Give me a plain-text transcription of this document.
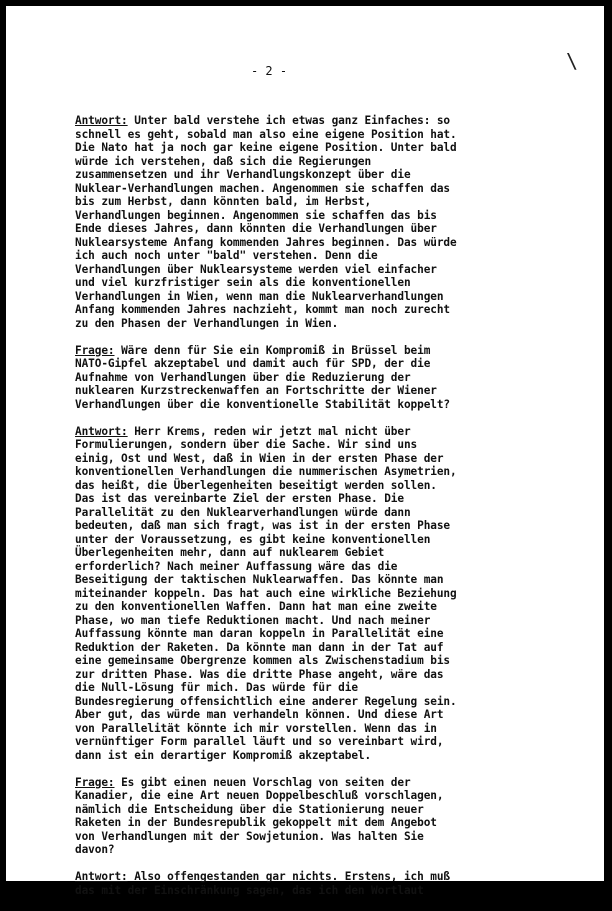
- 2 -	\

Antwort: Unter bald verstehe ich etwas ganz Einfaches: so
schnell es geht, sobald man also eine eigene Position hat.
Die Nato hat ja noch gar keine eigene Position. Unter bald
würde ich verstehen, daß sich die Regierungen
zusammensetzen und ihr Verhandlungskonzept über die
Nuklear-Verhandlungen machen. Angenommen sie schaffen das
bis zum Herbst, dann könnten bald, im Herbst,
Verhandlungen beginnen. Angenommen sie schaffen das bis
Ende dieses Jahres, dann könnten die Verhandlungen über
Nuklearsysteme Anfang kommenden Jahres beginnen. Das würde
ich auch noch unter "bald" verstehen. Denn die
Verhandlungen über Nuklearsysteme werden viel einfacher
und viel kurzfristiger sein als die konventionellen
Verhandlungen in Wien, wenn man die Nuklearverhandlungen
Anfang kommenden Jahres nachzieht, kommt man noch zurecht
zu den Phasen der Verhandlungen in Wien.

Frage: Wäre denn für Sie ein Kompromiß in Brüssel beim
NATO-Gipfel akzeptabel und damit auch für SPD, der die
Aufnahme von Verhandlungen über die Reduzierung der
nuklearen Kurzstreckenwaffen an Fortschritte der Wiener
Verhandlungen über die konventionelle Stabilität koppelt?

Antwort: Herr Krems, reden wir jetzt mal nicht über
Formulierungen, sondern über die Sache. Wir sind uns
einig, Ost und West, daß in Wien in der ersten Phase der
konventionellen Verhandlungen die nummerischen Asymetrien,
das heißt, die Überlegenheiten beseitigt werden sollen.
Das ist das vereinbarte Ziel der ersten Phase. Die
Parallelität zu den Nuklearverhandlungen würde dann
bedeuten, daß man sich fragt, was ist in der ersten Phase
unter der Voraussetzung, es gibt keine konventionellen
Überlegenheiten mehr, dann auf nuklearem Gebiet
erforderlich? Nach meiner Auffassung wäre das die
Beseitigung der taktischen Nuklearwaffen. Das könnte man
miteinander koppeln. Das hat auch eine wirkliche Beziehung
zu den konventionellen Waffen. Dann hat man eine zweite
Phase, wo man tiefe Reduktionen macht. Und nach meiner
Auffassung könnte man daran koppeln in Parallelität eine
Reduktion der Raketen. Da könnte man dann in der Tat auf
eine gemeinsame Obergrenze kommen als Zwischenstadium bis
zur dritten Phase. Was die dritte Phase angeht, wäre das
die Null-Lösung für mich. Das würde für die
Bundesregierung offensichtlich eine anderer Regelung sein.
Aber gut, das würde man verhandeln können. Und diese Art
von Parallelität könnte ich mir vorstellen. Wenn das in
vernünftiger Form parallel läuft und so vereinbart wird,
dann ist ein derartiger Kompromiß akzeptabel.

Frage: Es gibt einen neuen Vorschlag von seiten der
Kanadier, die eine Art neuen Doppelbeschluß vorschlagen,
nämlich die Entscheidung über die Stationierung neuer
Raketen in der Bundesrepublik gekoppelt mit dem Angebot
von Verhandlungen mit der Sowjetunion. Was halten Sie
davon?

Antwort: Also offengestanden gar nichts. Erstens, ich muß
das mit der Einschränkung sagen, das ich den Wortlaut
